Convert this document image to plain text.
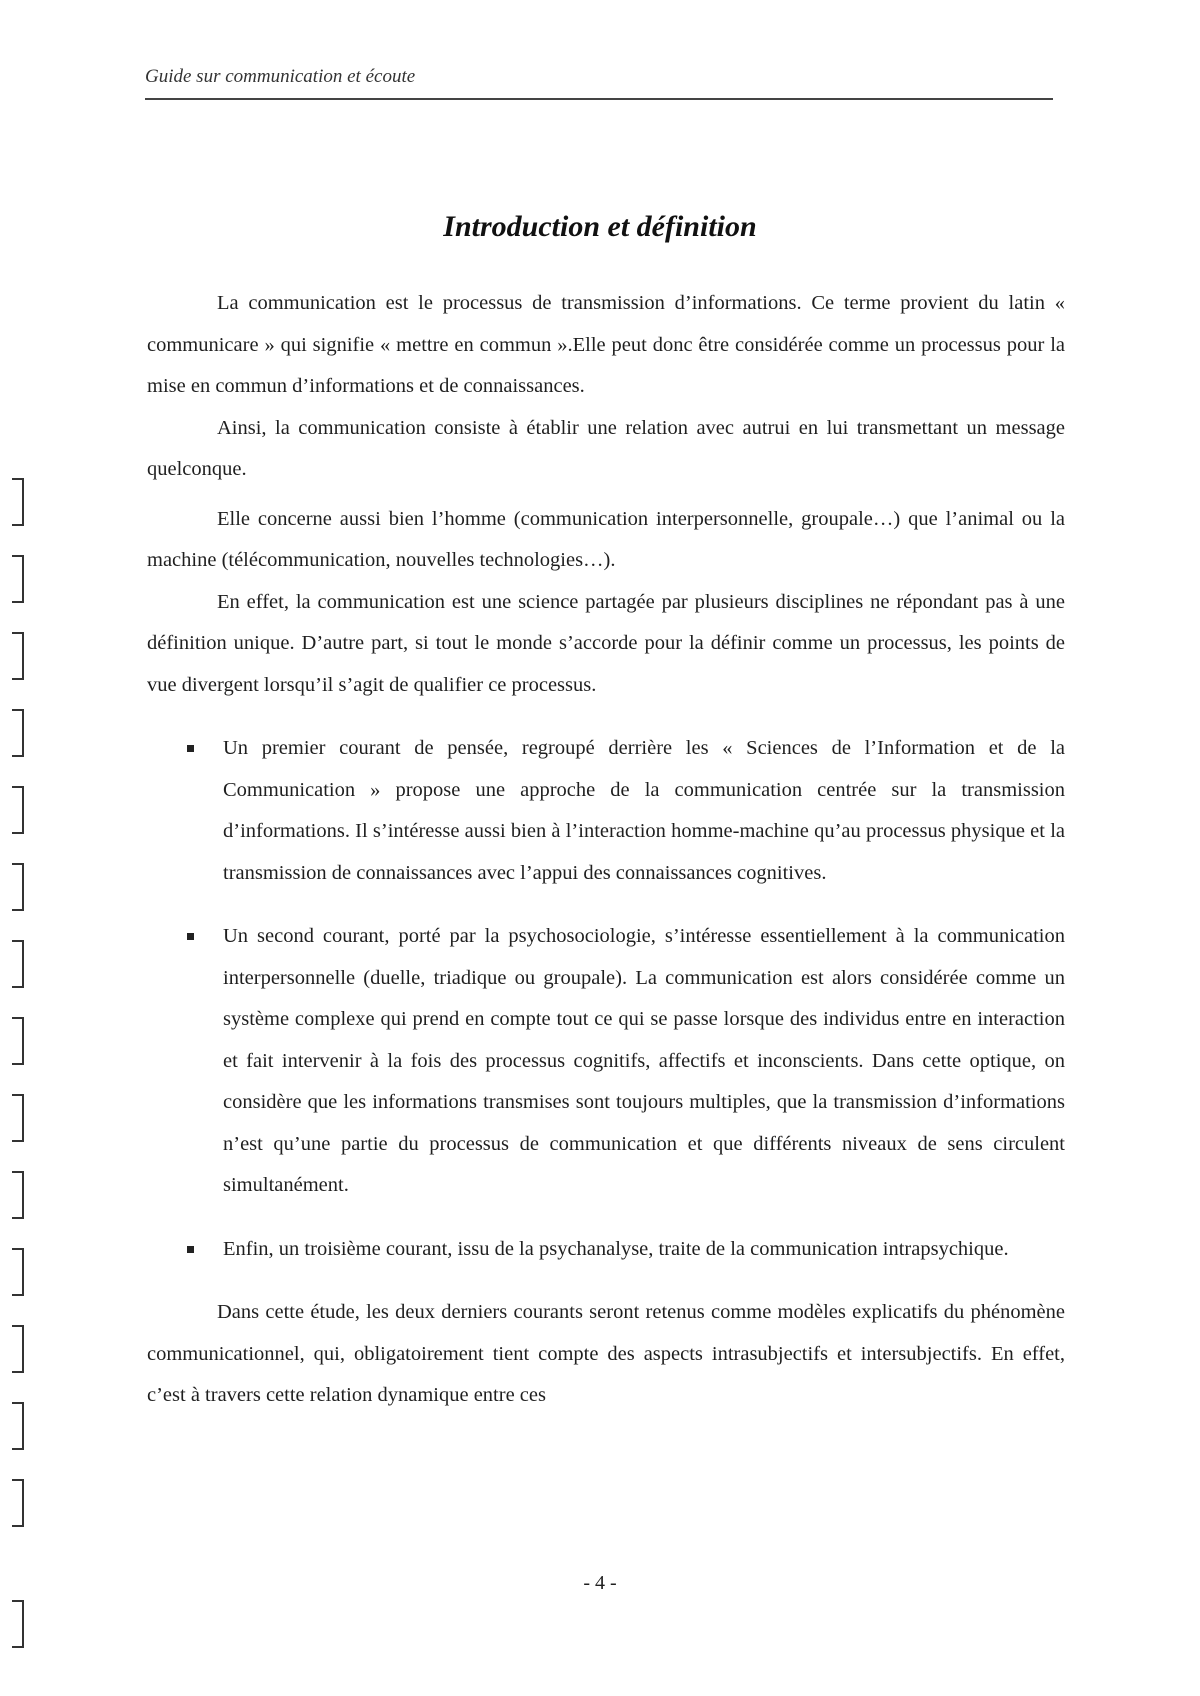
Guide sur communication et écoute
Introduction et définition

La communication est le processus de transmission d’informations. Ce terme provient du latin « communicare » qui signifie « mettre en commun ».Elle peut donc être considérée comme un processus pour la mise en commun d’informations et de connaissances.

Ainsi, la communication consiste à établir une relation avec autrui en lui transmettant un message quelconque.

Elle concerne aussi bien l’homme (communication interpersonnelle, groupale…) que l’animal ou la machine (télécommunication, nouvelles technologies…).

En effet, la communication est une science partagée par plusieurs disciplines ne répondant pas à une définition unique. D’autre part, si tout le monde s’accorde pour la définir comme un processus, les points de vue divergent lorsqu’il s’agit de qualifier ce processus.

Un premier courant de pensée, regroupé derrière les « Sciences de l’Information et de la Communication » propose une approche de la communication centrée sur la transmission d’informations. Il s’intéresse aussi bien à l’interaction homme-machine qu’au processus physique et la transmission de connaissances avec l’appui des connaissances cognitives.
Un second courant, porté par la psychosociologie, s’intéresse essentiellement à la communication interpersonnelle (duelle, triadique ou groupale). La communication est alors considérée comme un système complexe qui prend en compte tout ce qui se passe lorsque des individus entre en interaction et fait intervenir à la fois des processus cognitifs, affectifs et inconscients. Dans cette optique, on considère que les informations transmises sont toujours multiples, que la transmission d’informations n’est qu’une partie du processus de communication et que différents niveaux de sens circulent simultanément.
Enfin, un troisième courant, issu de la psychanalyse, traite de la communication intrapsychique.

Dans cette étude, les deux derniers courants seront retenus comme modèles explicatifs du phénomène communicationnel, qui, obligatoirement tient compte des aspects intrasubjectifs et intersubjectifs. En effet, c’est à travers cette relation dynamique entre ces

- 4 -
